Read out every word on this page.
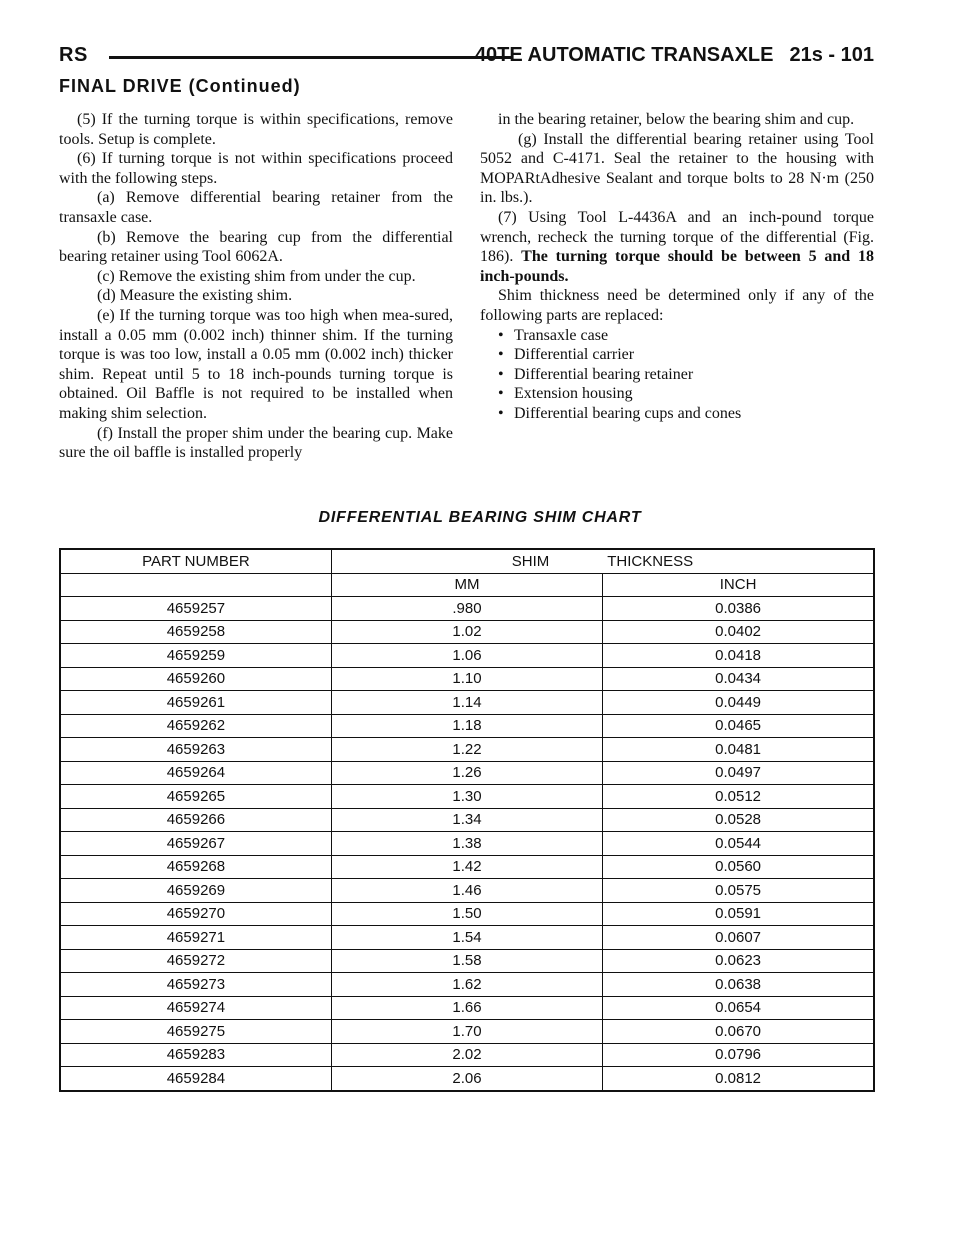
RS	40TE AUTOMATIC TRANSAXLE 21s - 101
FINAL DRIVE (Continued)

(5) If the turning torque is within specifications, remove tools. Setup is complete.

(6) If turning torque is not within specifications proceed with the following steps.

(a) Remove differential bearing retainer from the transaxle case.

(b) Remove the bearing cup from the differential bearing retainer using Tool 6062A.

(c) Remove the existing shim from under the cup.

(d) Measure the existing shim.

(e) If the turning torque was too high when mea-sured, install a 0.05 mm (0.002 inch) thinner shim. If the turning torque is was too low, install a 0.05 mm (0.002 inch) thicker shim. Repeat until 5 to 18 inch-pounds turning torque is obtained. Oil Baffle is not required to be installed when making shim selection.

(f) Install the proper shim under the bearing cup. Make sure the oil baffle is installed properly

in the bearing retainer, below the bearing shim and cup.

(g) Install the differential bearing retainer using Tool 5052 and C-4171. Seal the retainer to the housing with MOPARtAdhesive Sealant and torque bolts to 28 N·m (250 in. lbs.).

(7) Using Tool L-4436A and an inch-pound torque wrench, recheck the turning torque of the differential (Fig. 186). The turning torque should be between 5 and 18 inch-pounds.

Shim thickness need be determined only if any of the following parts are replaced:

• Transaxle case
• Differential carrier
• Differential bearing retainer
• Extension housing
• Differential bearing cups and cones
DIFFERENTIAL BEARING SHIM CHART
PART NUMBER	SHIM THICKNESS	
	MM	INCH
4659257	.980	0.0386
4659258	1.02	0.0402
4659259	1.06	0.0418
4659260	1.10	0.0434
4659261	1.14	0.0449
4659262	1.18	0.0465
4659263	1.22	0.0481
4659264	1.26	0.0497
4659265	1.30	0.0512
4659266	1.34	0.0528
4659267	1.38	0.0544
4659268	1.42	0.0560
4659269	1.46	0.0575
4659270	1.50	0.0591
4659271	1.54	0.0607
4659272	1.58	0.0623
4659273	1.62	0.0638
4659274	1.66	0.0654
4659275	1.70	0.0670
4659283	2.02	0.0796
4659284	2.06	0.0812
